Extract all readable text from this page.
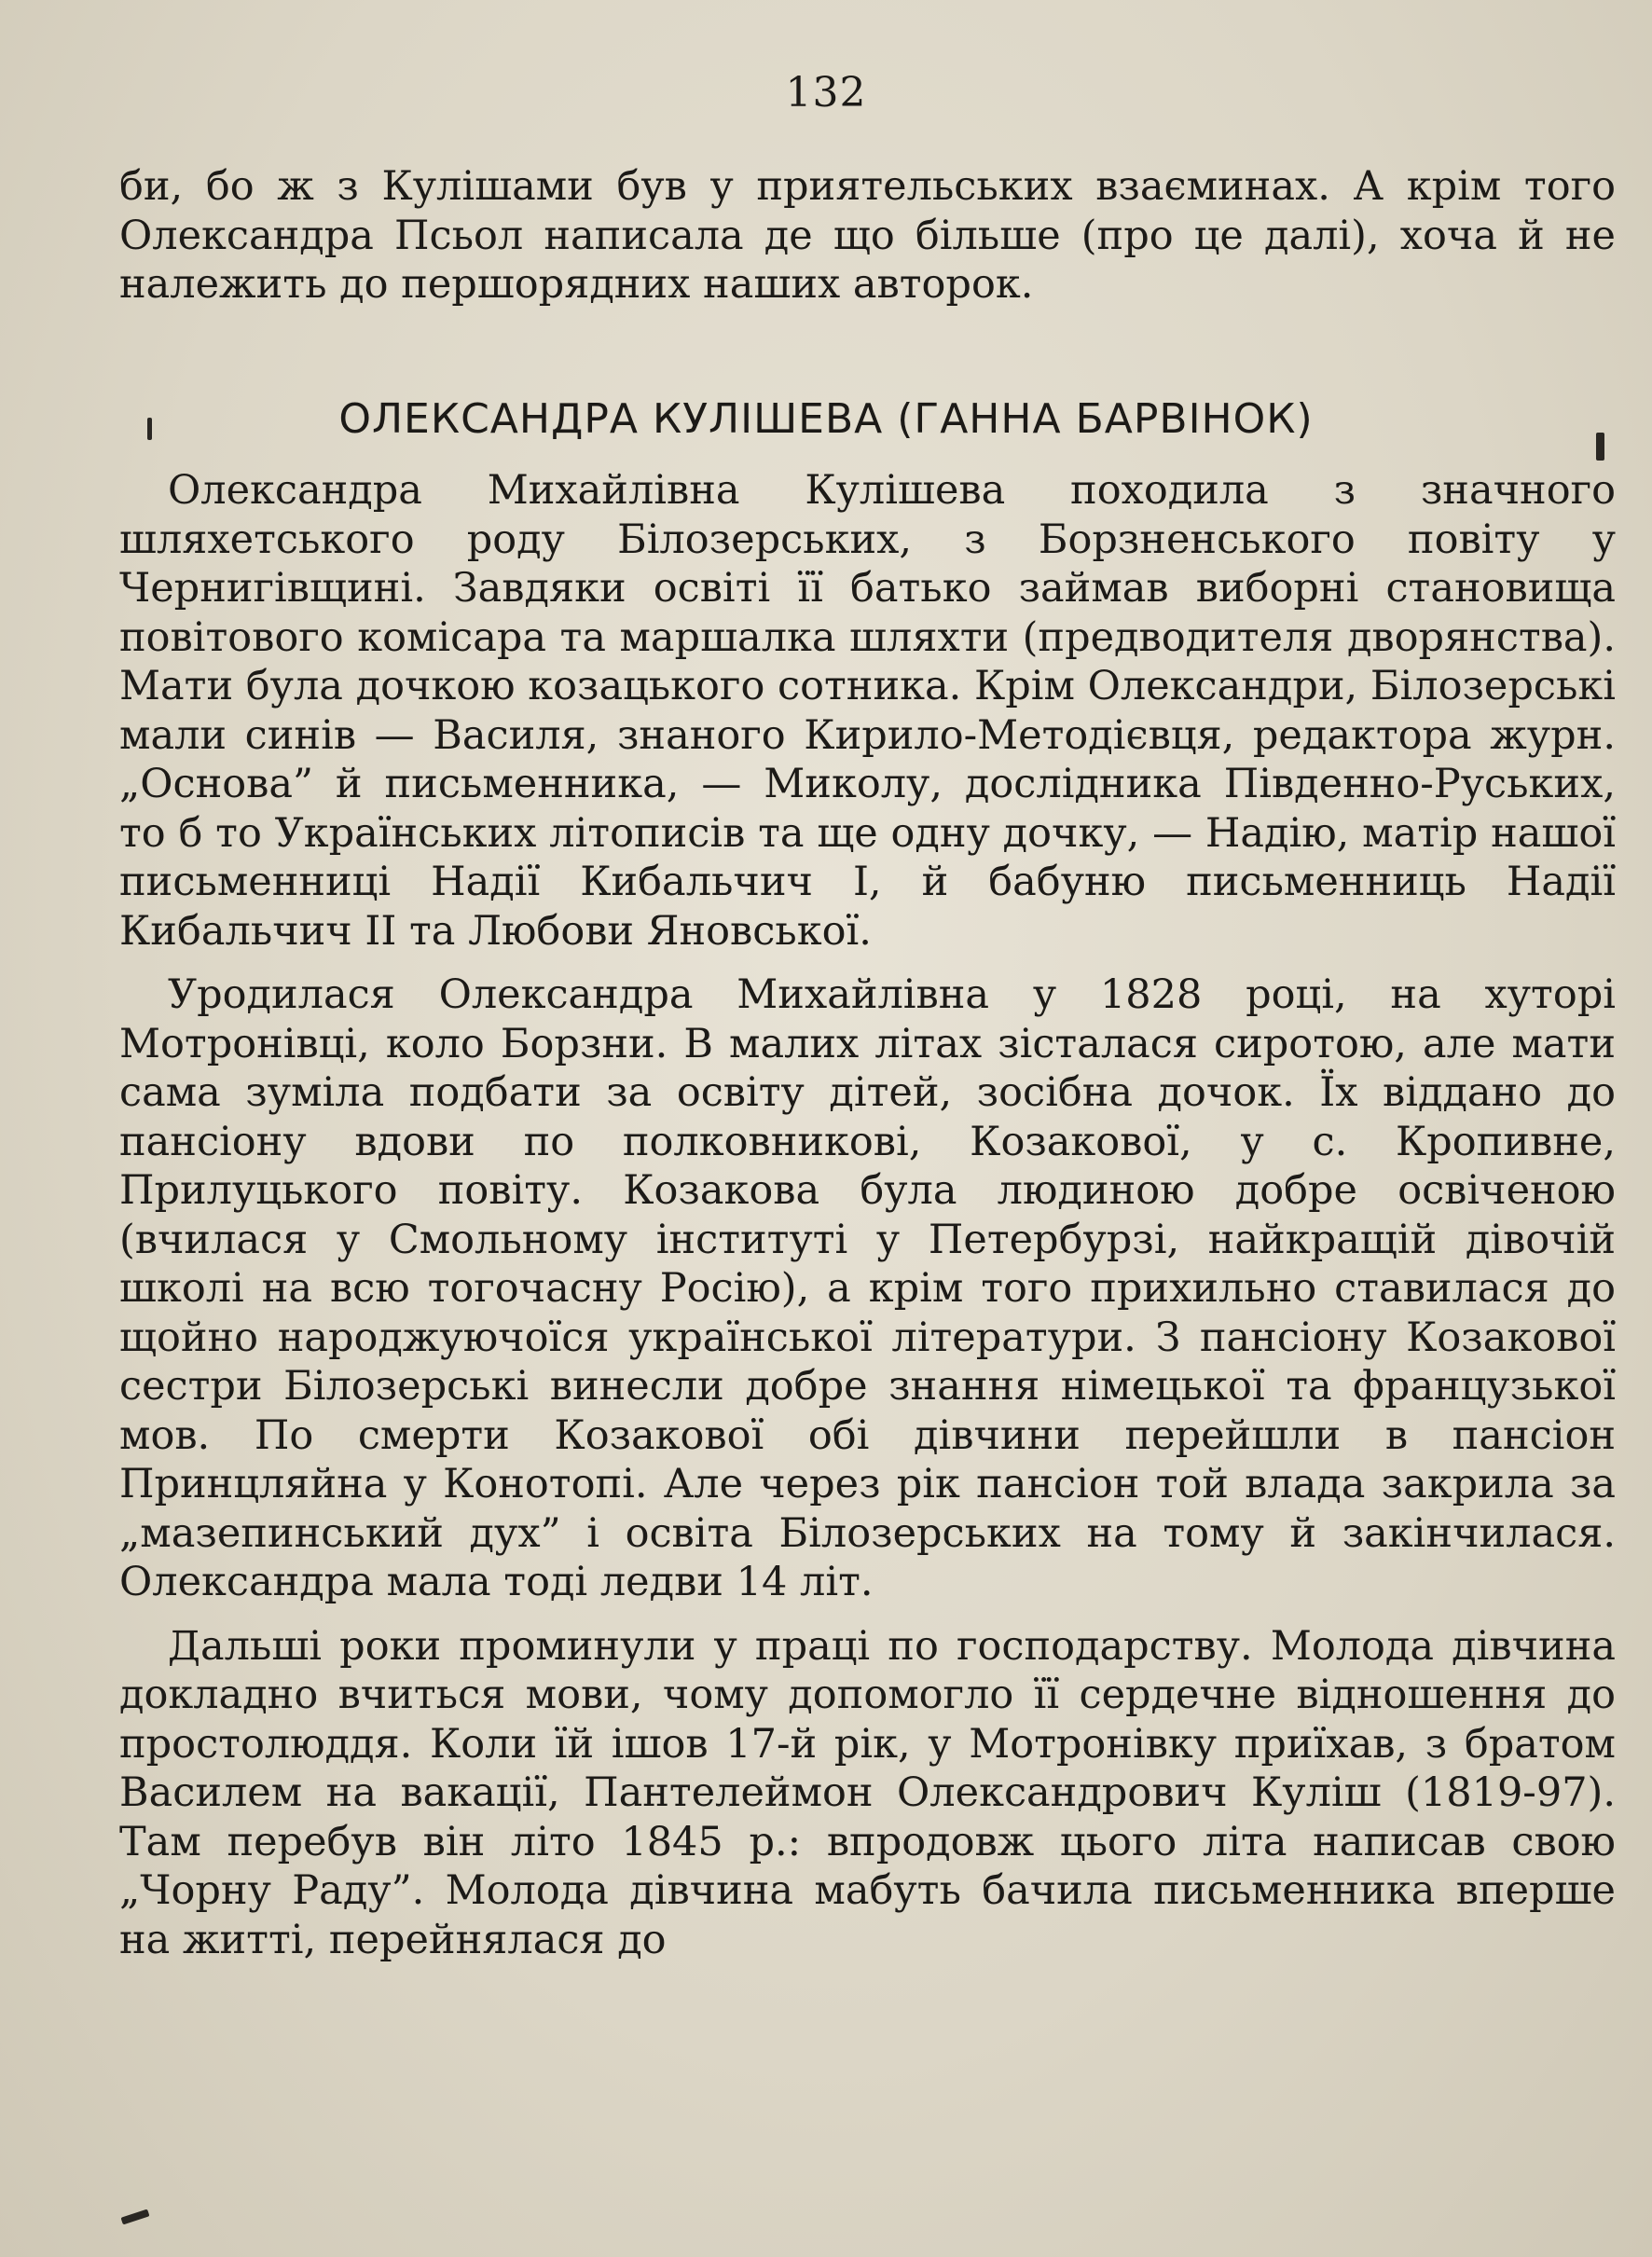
132

би, бо ж з Кулішами був у приятельських взаєминах. А крім того Олександра Псьол написала де що більше (про це далі), хоча й не належить до першорядних наших авторок.

ОЛЕКСАНДРА КУЛІШЕВА (ГАННА БАРВІНОК)

Олександра Михайлівна Кулішева походила з значного шляхетського роду Білозерських, з Борзненського повіту у Чернигівщині. Завдяки освіті її батько займав виборні становища повітового комісара та маршалка шляхти (предводителя дворянства). Мати була дочкою козацького сотника. Крім Олександри, Білозерські мали синів — Василя, знаного Кирило-Методієвця, редактора журн. „Основа” й письменника, — Миколу, дослідника Південно-Руських, то б то Українських літописів та ще одну дочку, — Надію, матір нашої письменниці Надії Кибальчич I, й бабуню письменниць Надії Кибальчич II та Любови Яновської.

Уродилася Олександра Михайлівна у 1828 році, на хуторі Мотронівці, коло Борзни. В малих літах зісталася сиротою, але мати сама зуміла подбати за освіту дітей, зосібна дочок. Їх віддано до пансіону вдови по полковникові, Козакової, у с. Кропивне, Прилуцького повіту. Козакова була людиною добре освіченою (вчилася у Смольному інституті у Петербурзі, найкращій дівочій школі на всю тогочасну Росію), а крім того прихильно ставилася до щойно народжуючоїся української літератури. З пансіону Козакової сестри Білозерські винесли добре знання німецької та французької мов. По смерти Козакової обі дівчини перейшли в пансіон Принцляйна у Конотопі. Але через рік пансіон той влада закрила за „мазепинський дух” і освіта Білозерських на тому й закінчилася. Олександра мала тоді ледви 14 літ.

Дальші роки проминули у праці по господарству. Молода дівчина докладно вчиться мови, чому допомогло її сердечне відношення до простолюддя. Коли їй ішов 17-й рік, у Мотронівку приїхав, з братом Василем на вакації, Пантелеймон Олександрович Куліш (1819-97). Там перебув він літо 1845 р.: впродовж цього літа написав свою „Чорну Раду”. Молода дівчина мабуть бачила письменника вперше на житті, перейнялася до
